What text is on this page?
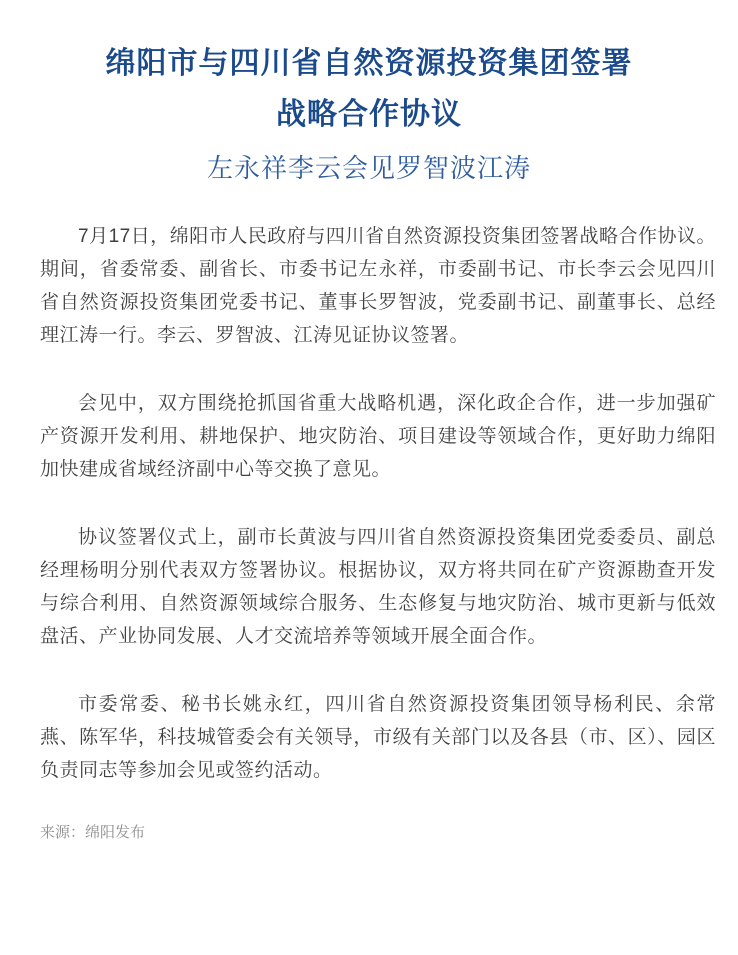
绵阳市与四川省自然资源投资集团签署
战略合作协议
左永祥李云会见罗智波江涛

7月17日，绵阳市人民政府与四川省自然资源投资集团签署战略合作协议。期间，省委常委、副省长、市委书记左永祥，市委副书记、市长李云会见四川省自然资源投资集团党委书记、董事长罗智波，党委副书记、副董事长、总经理江涛一行。李云、罗智波、江涛见证协议签署。

会见中，双方围绕抢抓国省重大战略机遇，深化政企合作，进一步加强矿产资源开发利用、耕地保护、地灾防治、项目建设等领域合作，更好助力绵阳加快建成省域经济副中心等交换了意见。

协议签署仪式上，副市长黄波与四川省自然资源投资集团党委委员、副总经理杨明分别代表双方签署协议。根据协议，双方将共同在矿产资源勘查开发与综合利用、自然资源领域综合服务、生态修复与地灾防治、城市更新与低效盘活、产业协同发展、人才交流培养等领域开展全面合作。

市委常委、秘书长姚永红，四川省自然资源投资集团领导杨利民、余常燕、陈军华，科技城管委会有关领导，市级有关部门以及各县（市、区）、园区负责同志等参加会见或签约活动。

来源：绵阳发布
